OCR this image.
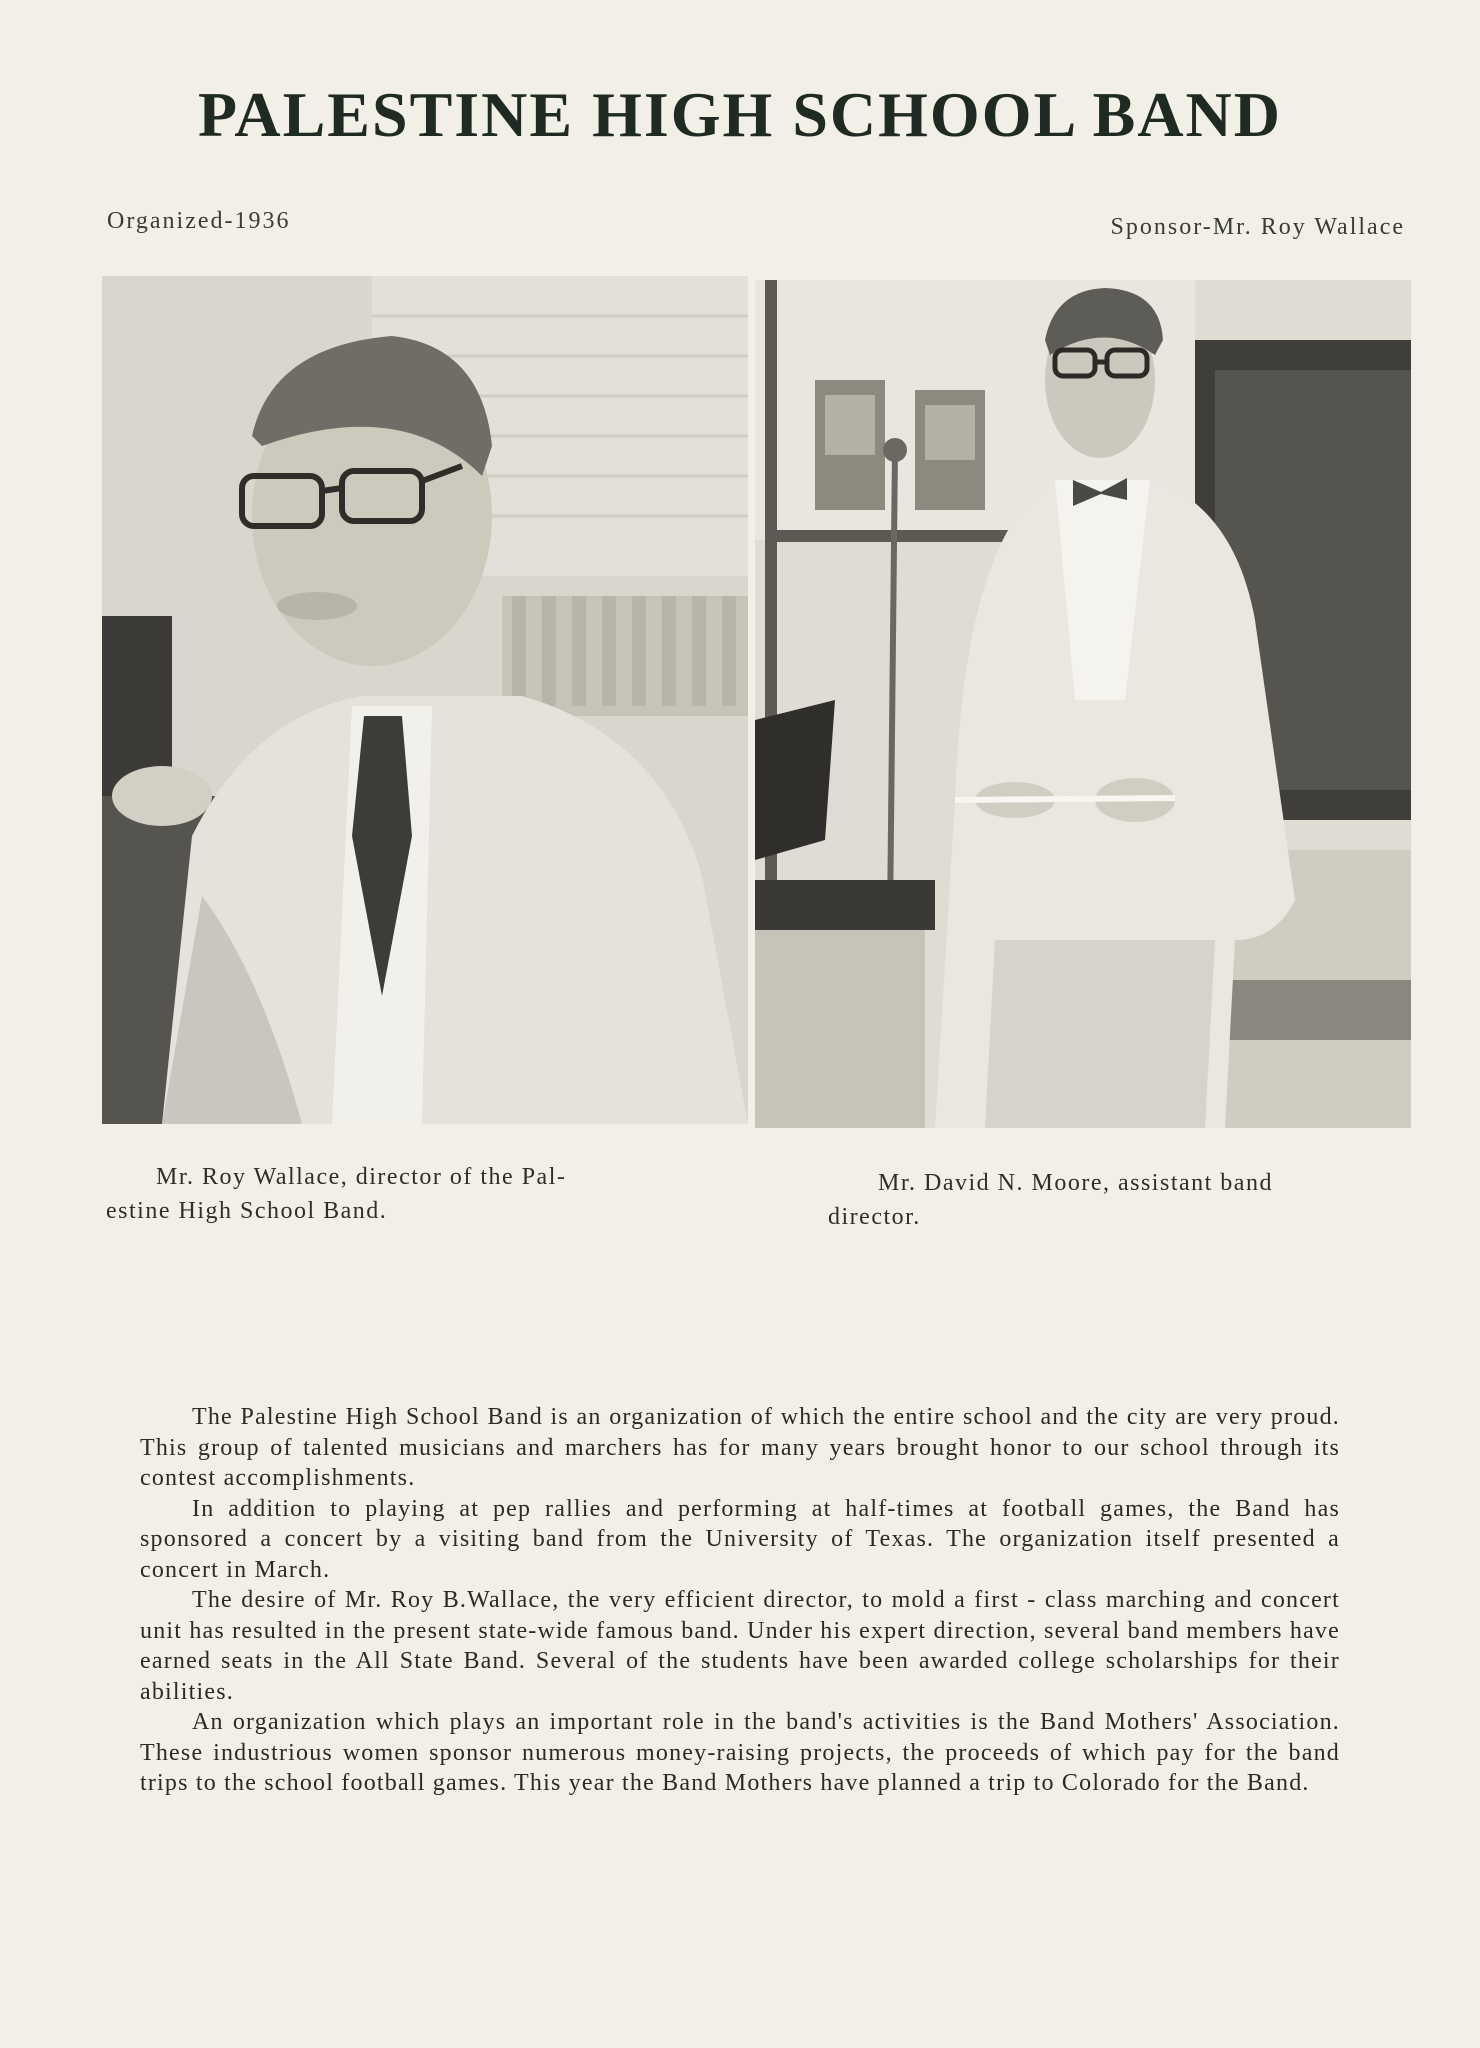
PALESTINE HIGH SCHOOL BAND
Organized-1936	Sponsor-Mr. Roy Wallace
Mr. Roy Wallace, director of the Pal-
estine High School Band.
Mr. David N. Moore, assistant band
director.

The Palestine High School Band is an organization of which the entire school and the city are very proud. This group of talented musicians and marchers has for many years brought honor to our school through its contest accomplishments.

In addition to playing at pep rallies and performing at half-times at football games, the Band has sponsored a concert by a visiting band from the University of Texas. The organization itself presented a concert in March.

The desire of Mr. Roy B.Wallace, the very efficient director, to mold a first - class marching and concert unit has resulted in the present state-wide famous band. Under his expert direction, several band members have earned seats in the All State Band. Several of the students have been awarded college scholarships for their abilities.

An organization which plays an important role in the band's activities is the Band Mothers' Association. These industrious women sponsor numerous money-raising projects, the proceeds of which pay for the band trips to the school football games. This year the Band Mothers have planned a trip to Colorado for the Band.
